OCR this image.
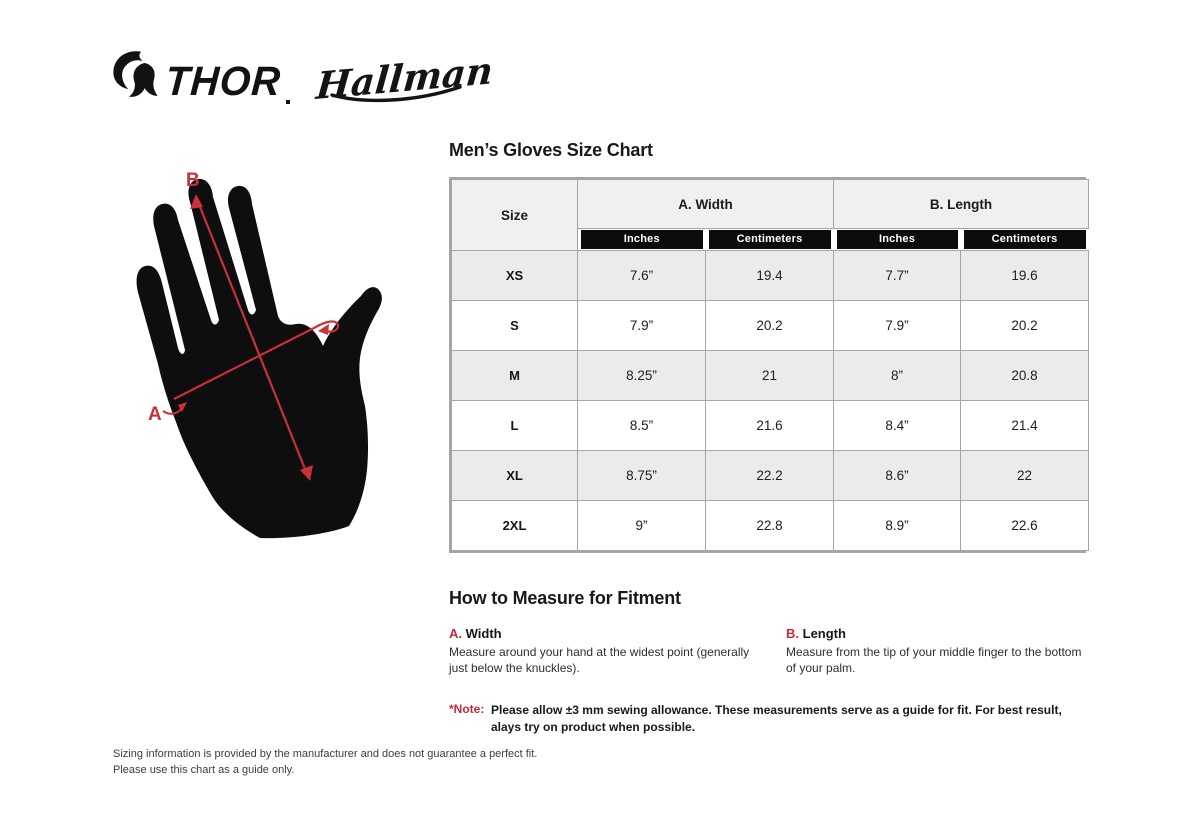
THOR Hallman
B
A
Men’s Gloves Size Chart
Size	A. Width		B. Length	

	Inches	Centimeters	Inches	Centimeters

XS	7.6”	19.4	7.7”	19.6
S	7.9”	20.2	7.9”	20.2
M	8.25”	21	8”	20.8
L	8.5”	21.6	8.4”	21.4
XL	8.75”	22.2	8.6”	22
2XL	9”	22.8	8.9”	22.6
How to Measure for Fitment
A. Width
Measure around your hand at the widest point (generally just below the knuckles).
B. Length
Measure from the tip of your middle finger to the bottom of your palm.
*Note: Please allow ±3 mm sewing allowance. These measurements serve as a guide for fit. For best result, alays try on product when possible.
Sizing information is provided by the manufacturer and does not guarantee a perfect fit.
Please use this chart as a guide only.
